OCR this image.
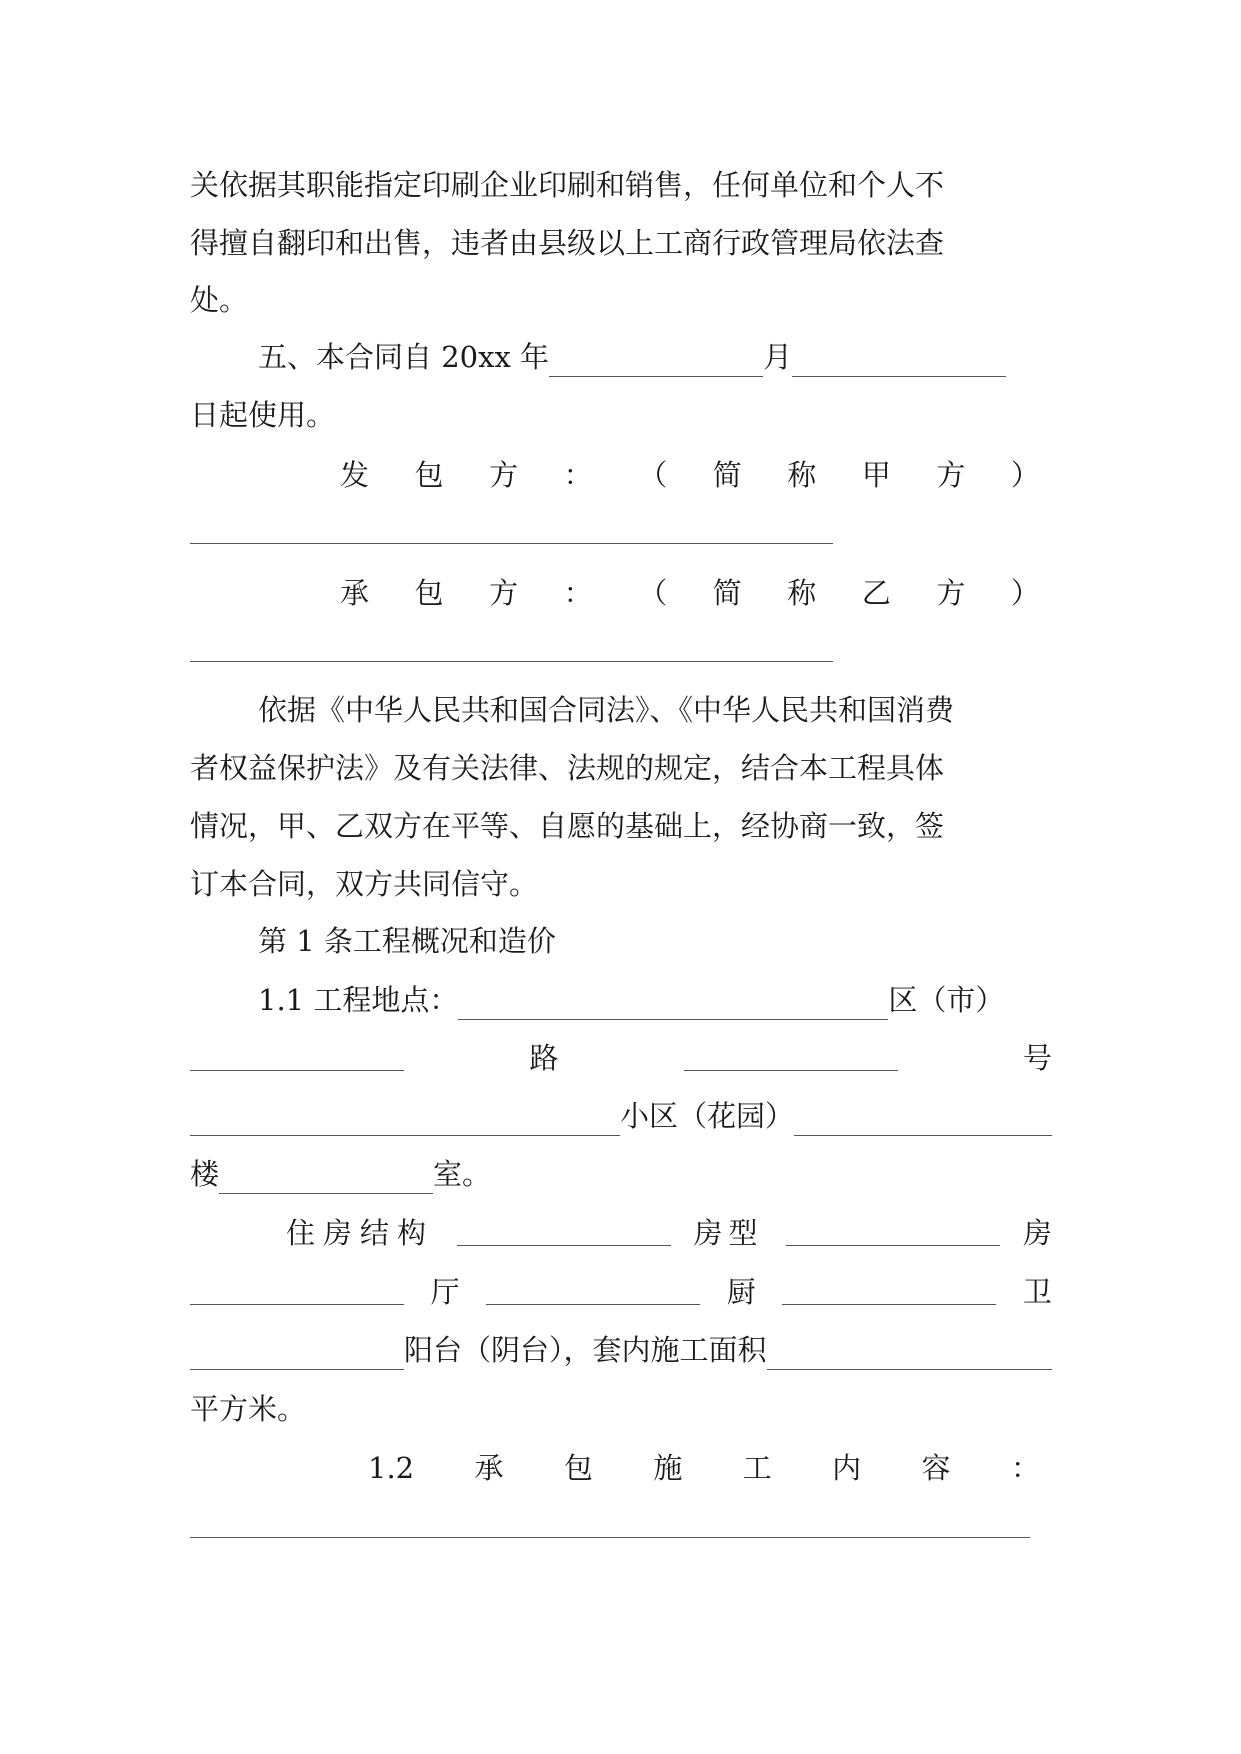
关依据其职能指定印刷企业印刷和销售，任何单位和个人不
得擅自翻印和出售，违者由县级以上工商行政管理局依法查
处。
五、本合同自 20xx 年	月
日起使用。
发 包 方 ： （ 简 称 甲 方 ）
承 包 方 ： （ 简 称 乙 方 ）
依据《中华人民共和国合同法》、《中华人民共和国消费
者权益保护法》及有关法律、法规的规定，结合本工程具体
情况，甲、乙双方在平等、自愿的基础上，经协商一致，签
订本合同，双方共同信守。
第 1 条工程概况和造价
1.1 工程地点：	区（市）
路	号
小区（花园）
楼	室。
住房结构	房型	房
厅	厨	卫
阳台（阴台），套内施工面积
平方米。
1.2 承 包 施 工 内 容 ：
